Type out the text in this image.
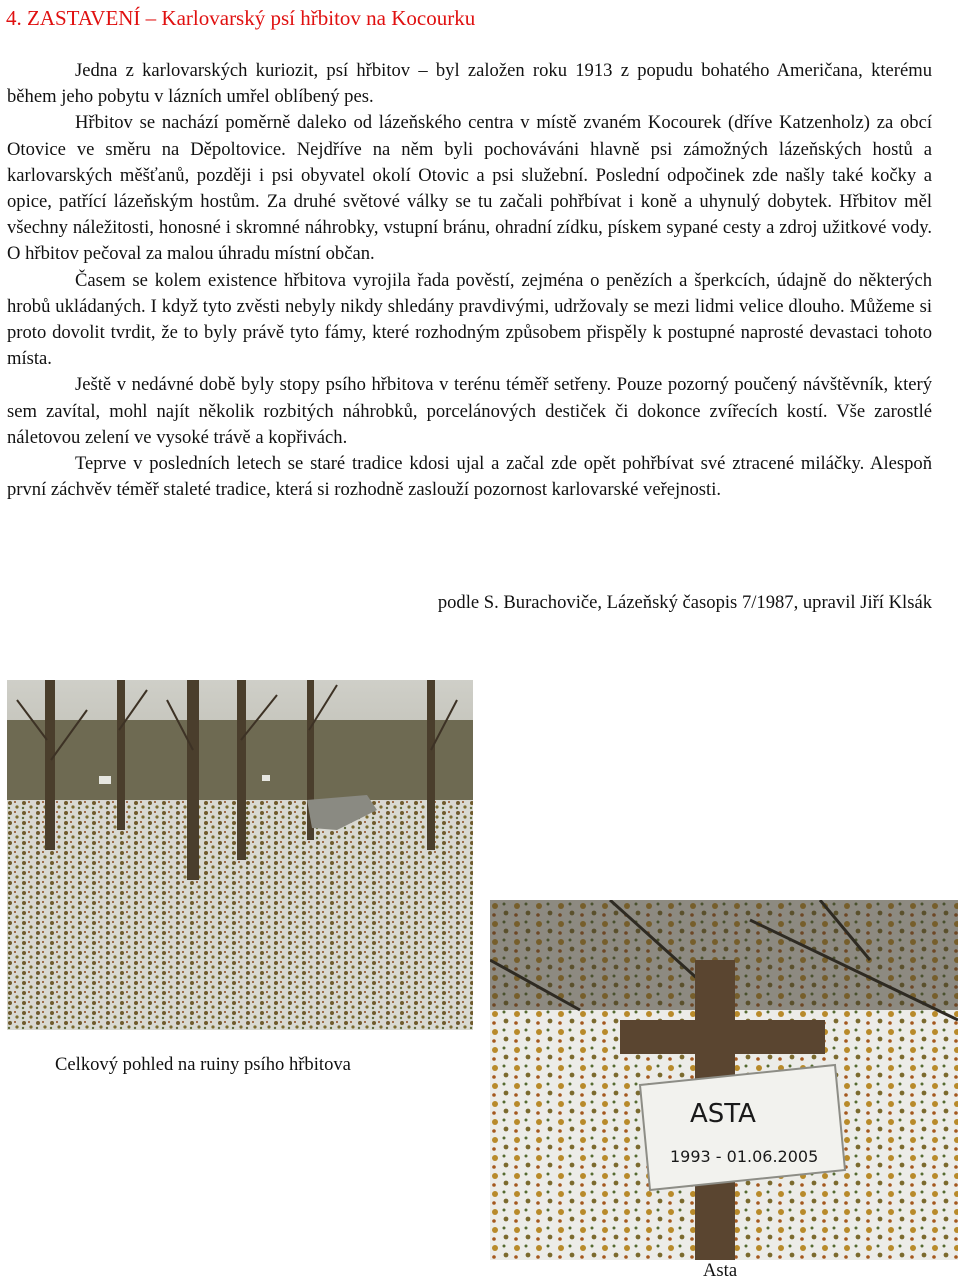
4. ZASTAVENÍ – Karlovarský psí hřbitov na Kocourku

Jedna z karlovarských kuriozit, psí hřbitov – byl založen roku 1913 z popudu bohatého Američana, kterému během jeho pobytu v lázních umřel oblíbený pes.

Hřbitov se nachází poměrně daleko od lázeňského centra v místě zvaném Kocourek (dříve Katzenholz) za obcí Otovice ve směru na Děpoltovice. Nejdříve na něm byli pochováváni hlavně psi zámožných lázeňských hostů a karlovarských měšťanů, později i psi obyvatel okolí Otovic a psi služební. Poslední odpočinek zde našly také kočky a opice, patřící lázeňským hostům. Za druhé světové války se tu začali pohřbívat i koně a uhynulý dobytek. Hřbitov měl všechny náležitosti, honosné i skromné náhrobky, vstupní bránu, ohradní zídku, pískem sypané cesty a zdroj užitkové vody. O hřbitov pečoval za malou úhradu místní občan.

Časem se kolem existence hřbitova vyrojila řada pověstí, zejména o penězích a šperkcích, údajně do některých hrobů ukládaných. I když tyto zvěsti nebyly nikdy shledány pravdivými, udržovaly se mezi lidmi velice dlouho. Můžeme si proto dovolit tvrdit, že to byly právě tyto fámy, které rozhodným způsobem přispěly k postupné naprosté devastaci tohoto místa.

Ještě v nedávné době byly stopy psího hřbitova v terénu téměř setřeny. Pouze pozorný poučený návštěvník, který sem zavítal, mohl najít několik rozbitých náhrobků, porcelánových destiček či dokonce zvířecích kostí. Vše zarostlé náletovou zelení ve vysoké trávě a kopřivách.

Teprve v posledních letech se staré tradice kdosi ujal a začal zde opět pohřbívat své ztracené miláčky. Alespoň první záchvěv téměř staleté tradice, která si rozhodně zaslouží pozornost karlovarské veřejnosti.

podle S. Burachoviče, Lázeňský časopis 7/1987, upravil Jiří Klsák
Celkový pohled na ruiny psího hřbitova
ASTA
1993 - 01.06.2005
Asta
